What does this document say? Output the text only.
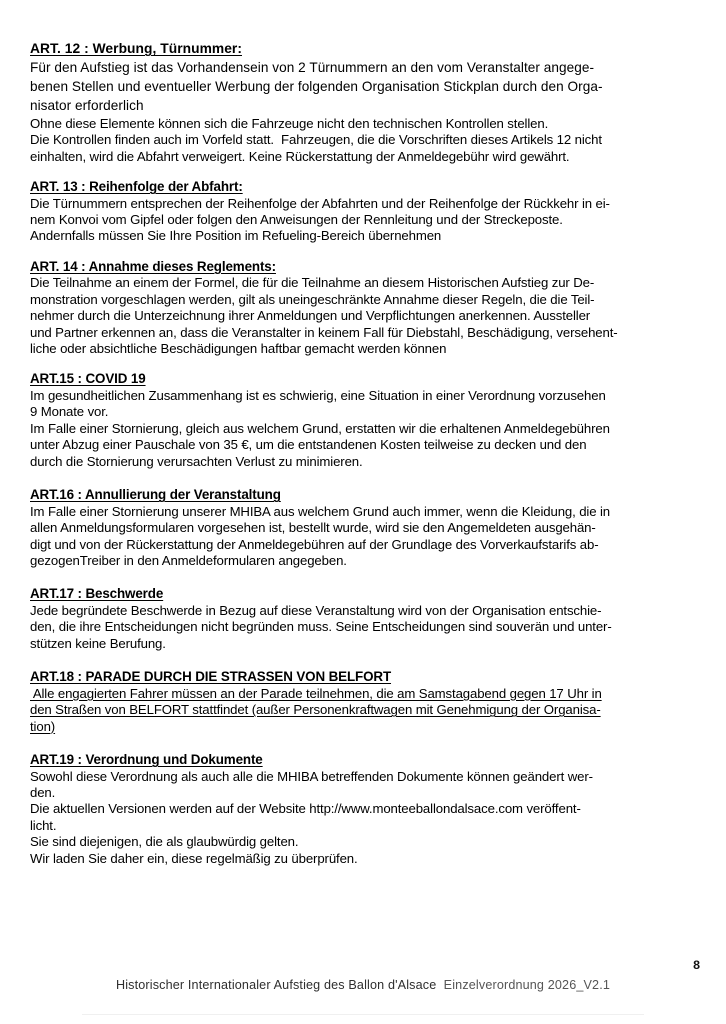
ART. 12 : Werbung, Türnummer:
Für den Aufstieg ist das Vorhandensein von 2 Türnummern an den vom Veranstalter angege-
benen Stellen und eventueller Werbung der folgenden Organisation Stickplan durch den Orga-
nisator erforderlich
Ohne diese Elemente können sich die Fahrzeuge nicht den technischen Kontrollen stellen.
Die Kontrollen finden auch im Vorfeld statt.  Fahrzeugen, die die Vorschriften dieses Artikels 12 nicht
einhalten, wird die Abfahrt verweigert. Keine Rückerstattung der Anmeldegebühr wird gewährt.
ART. 13 : Reihenfolge der Abfahrt:
Die Türnummern entsprechen der Reihenfolge der Abfahrten und der Reihenfolge der Rückkehr in ei-
nem Konvoi vom Gipfel oder folgen den Anweisungen der Rennleitung und der Streckeposte.
Andernfalls müssen Sie Ihre Position im Refueling-Bereich übernehmen
ART. 14 : Annahme dieses Reglements:
Die Teilnahme an einem der Formel, die für die Teilnahme an diesem Historischen Aufstieg zur De-
monstration vorgeschlagen werden, gilt als uneingeschränkte Annahme dieser Regeln, die die Teil-
nehmer durch die Unterzeichnung ihrer Anmeldungen und Verpflichtungen anerkennen. Aussteller
und Partner erkennen an, dass die Veranstalter in keinem Fall für Diebstahl, Beschädigung, versehent-
liche oder absichtliche Beschädigungen haftbar gemacht werden können
ART.15 : COVID 19
Im gesundheitlichen Zusammenhang ist es schwierig, eine Situation in einer Verordnung vorzusehen
9 Monate vor.
Im Falle einer Stornierung, gleich aus welchem Grund, erstatten wir die erhaltenen Anmeldegebühren
unter Abzug einer Pauschale von 35 €, um die entstandenen Kosten teilweise zu decken und den
durch die Stornierung verursachten Verlust zu minimieren.
ART.16 : Annullierung der Veranstaltung
Im Falle einer Stornierung unserer MHIBA aus welchem Grund auch immer, wenn die Kleidung, die in
allen Anmeldungsformularen vorgesehen ist, bestellt wurde, wird sie den Angemeldeten ausgehän-
digt und von der Rückerstattung der Anmeldegebühren auf der Grundlage des Vorverkaufstarifs ab-
gezogenTreiber in den Anmeldeformularen angegeben.
ART.17 : Beschwerde
Jede begründete Beschwerde in Bezug auf diese Veranstaltung wird von der Organisation entschie-
den, die ihre Entscheidungen nicht begründen muss. Seine Entscheidungen sind souverän und unter-
stützen keine Berufung.
ART.18 : PARADE DURCH DIE STRASSEN VON BELFORT
Alle engagierten Fahrer müssen an der Parade teilnehmen, die am Samstagabend gegen 17 Uhr in
den Straßen von BELFORT stattfindet (außer Personenkraftwagen mit Genehmigung der Organisa-
tion)
ART.19 : Verordnung und Dokumente
Sowohl diese Verordnung als auch alle die MHIBA betreffenden Dokumente können geändert wer-
den.
Die aktuellen Versionen werden auf der Website http://www.monteeballondalsace.com veröffent-
licht.
Sie sind diejenigen, die als glaubwürdig gelten.
Wir laden Sie daher ein, diese regelmäßig zu überprüfen.
8
Historischer Internationaler Aufstieg des Ballon d'Alsace Einzelverordnung 2026_V2.1
